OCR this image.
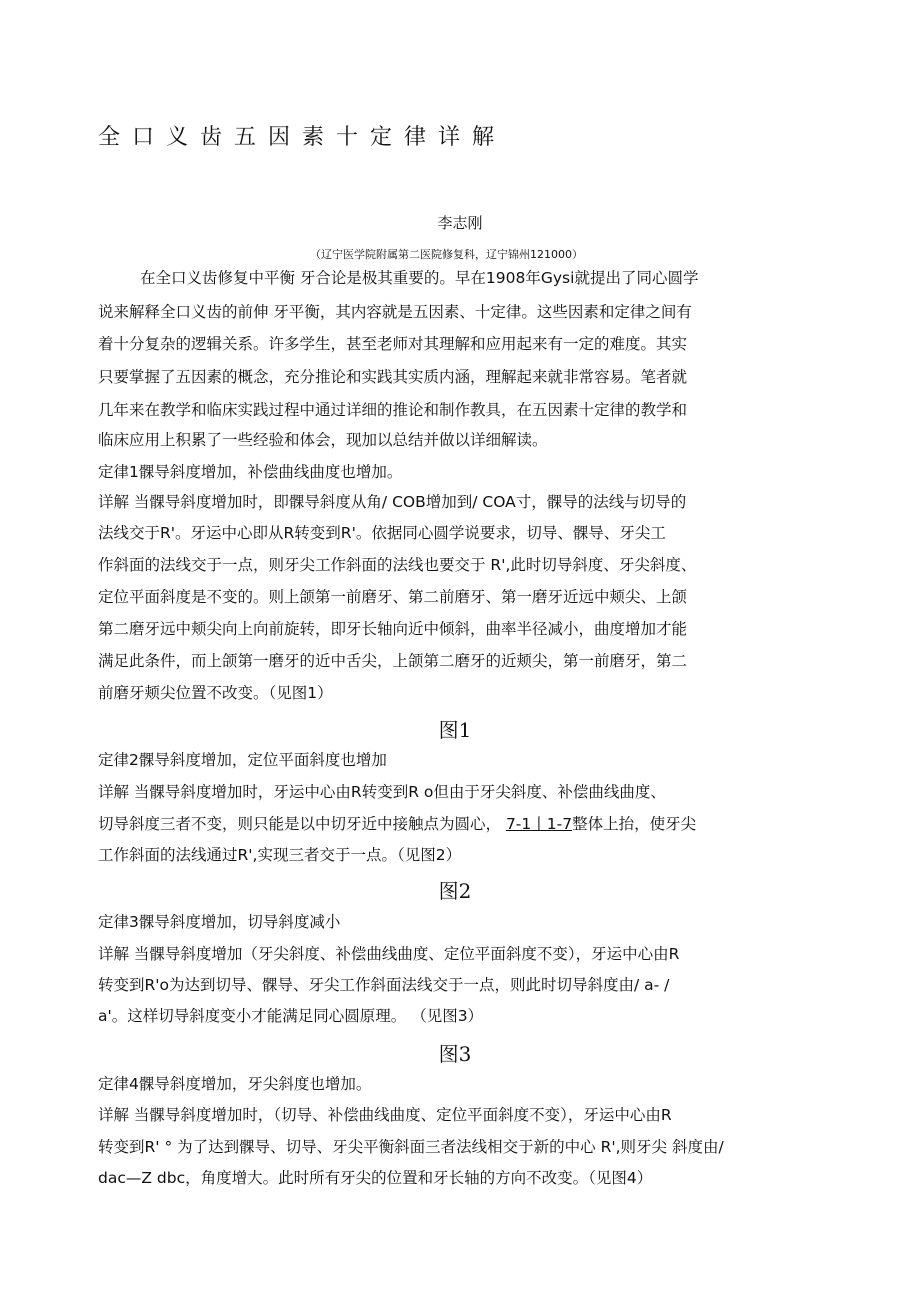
全口义齿五因素十定律详解
李志刚
（辽宁医学院附属第二医院修复科，辽宁锦州121000）
在全口义齿修复中平衡 牙合论是极其重要的。早在1908年Gysi就提出了同心圆学
说来解释全口义齿的前伸 牙平衡，其内容就是五因素、十定律。这些因素和定律之间有
着十分复杂的逻辑关系。许多学生，甚至老师对其理解和应用起来有一定的难度。其实
只要掌握了五因素的概念，充分推论和实践其实质内涵，理解起来就非常容易。笔者就
几年来在教学和临床实践过程中通过详细的推论和制作教具，在五因素十定律的教学和
临床应用上积累了一些经验和体会，现加以总结并做以详细解读。
定律1髁导斜度增加，补偿曲线曲度也增加。
详解 当髁导斜度增加时，即髁导斜度从角/ COB增加到/ COA寸，髁导的法线与切导的
法线交于R'。牙运中心即从R转变到R'。依据同心圆学说要求，切导、髁导、牙尖工
作斜面的法线交于一点，则牙尖工作斜面的法线也要交于 R',此时切导斜度、牙尖斜度、
定位平面斜度是不变的。则上颌第一前磨牙、第二前磨牙、第一磨牙近远中颊尖、上颌
第二磨牙远中颊尖向上向前旋转，即牙长轴向近中倾斜，曲率半径减小，曲度增加才能
满足此条件，而上颌第一磨牙的近中舌尖，上颌第二磨牙的近颊尖，第一前磨牙，第二
前磨牙颊尖位置不改变。（见图1）
图1
定律2髁导斜度增加，定位平面斜度也增加
详解 当髁导斜度增加时，牙运中心由R转变到R o但由于牙尖斜度、补偿曲线曲度、
切导斜度三者不变，则只能是以中切牙近中接触点为圆心， 7-1丨1-7整体上抬，使牙尖
工作斜面的法线通过R',实现三者交于一点。（见图2）
图2
定律3髁导斜度增加，切导斜度减小
详解 当髁导斜度增加（牙尖斜度、补偿曲线曲度、定位平面斜度不变），牙运中心由R
转变到R'o为达到切导、髁导、牙尖工作斜面法线交于一点，则此时切导斜度由/ a- /
a'。这样切导斜度变小才能满足同心圆原理。 （见图3）
图3
定律4髁导斜度增加，牙尖斜度也增加。
详解 当髁导斜度增加时，（切导、补偿曲线曲度、定位平面斜度不变），牙运中心由R
转变到R' ° 为了达到髁导、切导、牙尖平衡斜面三者法线相交于新的中心 R',则牙尖 斜度由/
dac—Z dbc，角度增大。此时所有牙尖的位置和牙长轴的方向不改变。（见图4）
